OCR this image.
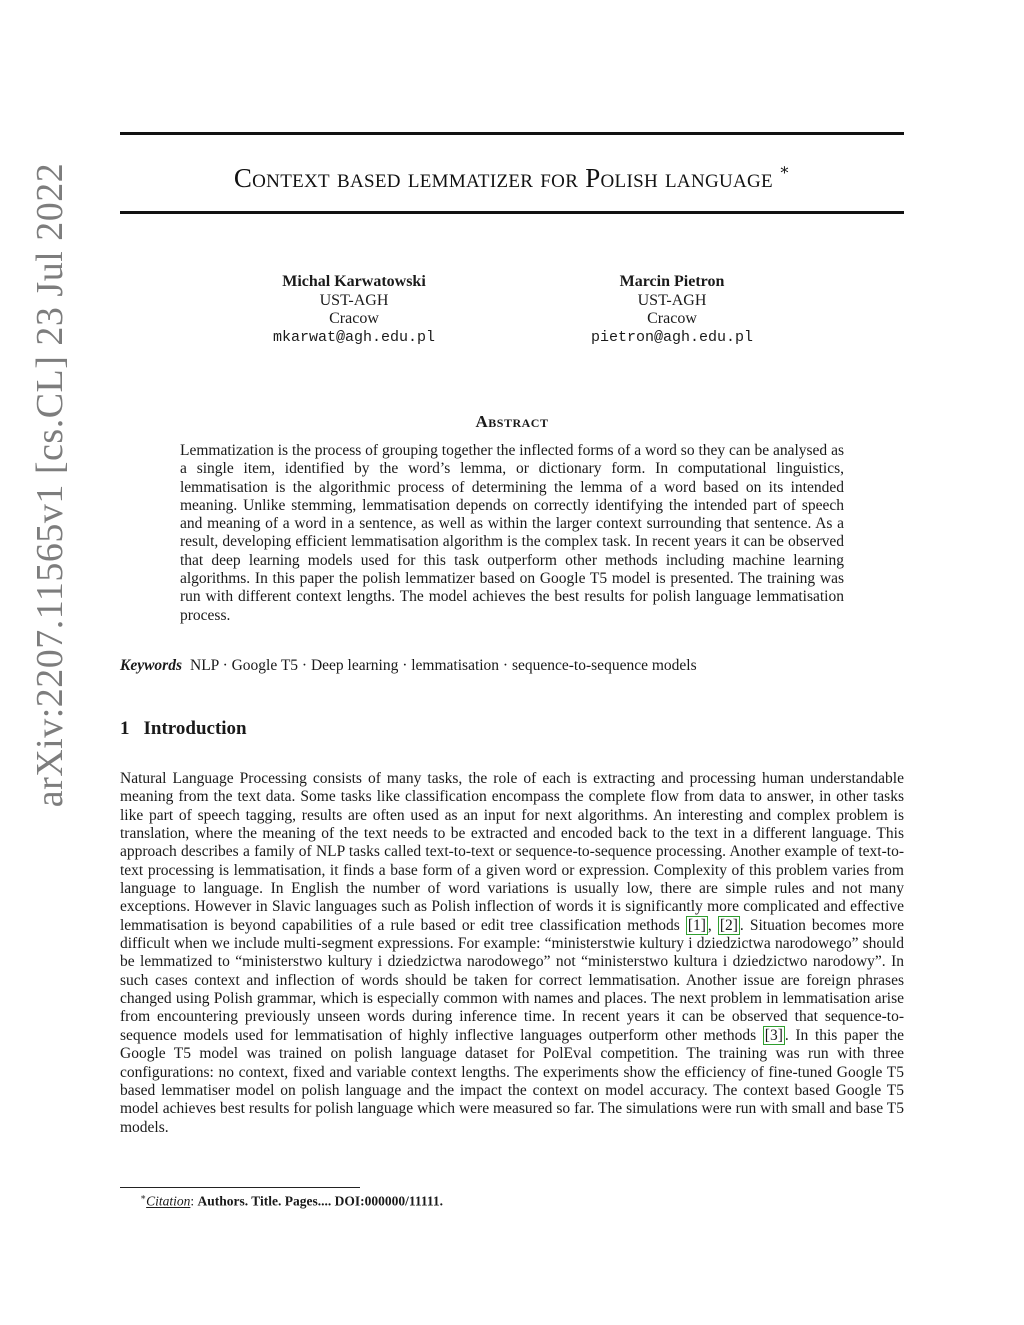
arXiv:2207.11565v1 [cs.CL] 23 Jul 2022	Context based lemmatizer for Polish language ∗
Michal Karwatowski
UST-AGH
Cracow
mkarwat@agh.edu.pl
Marcin Pietron
UST-AGH
Cracow
pietron@agh.edu.pl
Abstract
Lemmatization is the process of grouping together the inflected forms of a word so they can be analysed as a single item, identified by the word’s lemma, or dictionary form. In computational linguistics, lemmatisation is the algorithmic process of determining the lemma of a word based on its intended meaning. Unlike stemming, lemmatisation depends on correctly identifying the intended part of speech and meaning of a word in a sentence, as well as within the larger context surrounding that sentence. As a result, developing efficient lemmatisation algorithm is the complex task. In recent years it can be observed that deep learning models used for this task outperform other methods including machine learning algorithms. In this paper the polish lemmatizer based on Google T5 model is presented. The training was run with different context lengths. The model achieves the best results for polish language lemmatisation process.
Keywords NLP · Google T5 · Deep learning · lemmatisation · sequence-to-sequence models
1 Introduction
Natural Language Processing consists of many tasks, the role of each is extracting and processing human understandable meaning from the text data. Some tasks like classification encompass the complete flow from data to answer, in other tasks like part of speech tagging, results are often used as an input for next algorithms. An interesting and complex problem is translation, where the meaning of the text needs to be extracted and encoded back to the text in a different language. This approach describes a family of NLP tasks called text-to-text or sequence-to-sequence processing. Another example of text-to-text processing is lemmatisation, it finds a base form of a given word or expression. Complexity of this problem varies from language to language. In English the number of word variations is usually low, there are simple rules and not many exceptions. However in Slavic languages such as Polish inflection of words it is significantly more complicated and effective lemmatisation is beyond capabilities of a rule based or edit tree classification methods [1] , [2] . Situation becomes more difficult when we include multi-segment expressions. For example: “ministerstwie kultury i dziedzictwa narodowego” should be lemmatized to “ministerstwo kultury i dziedzictwa narodowego” not “ministerstwo kultura i dziedzictwo narodowy”. In such cases context and inflection of words should be taken for correct lemmatisation. Another issue are foreign phrases changed using Polish grammar, which is especially common with names and places. The next problem in lemmatisation arise from encountering previously unseen words during inference time. In recent years it can be observed that sequence-to-sequence models used for lemmatisation of highly inflective languages outperform other methods [3] . In this paper the Google T5 model was trained on polish language dataset for PolEval competition. The training was run with three configurations: no context, fixed and variable context lengths. The experiments show the efficiency of fine-tuned Google T5 based lemmatiser model on polish language and the impact the context on model accuracy. The context based Google T5 model achieves best results for polish language which were measured so far. The simulations were run with small and base T5 models.
∗Citation: Authors. Title. Pages.... DOI:000000/11111.
